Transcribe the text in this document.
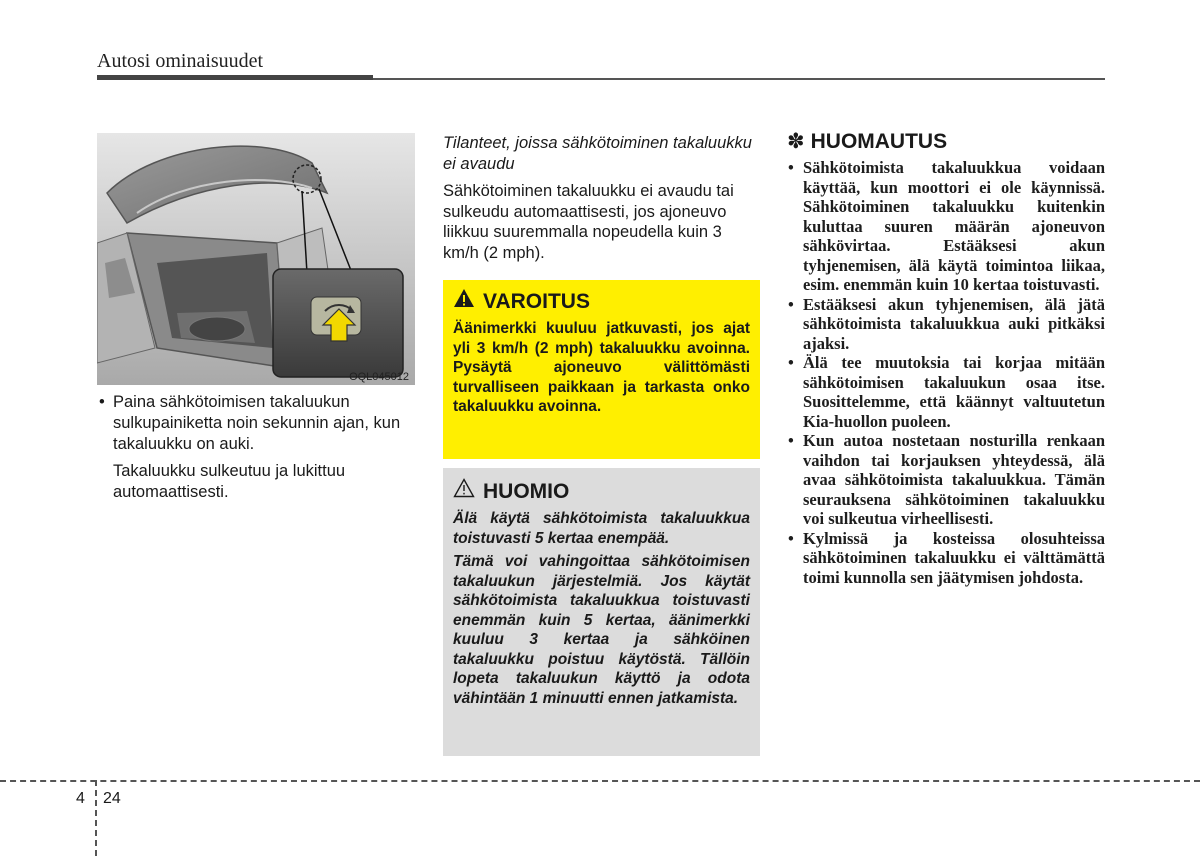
Autosi ominaisuudet
OQL045012

• Paina sähkötoimisen takaluukun sulkupainiketta noin sekunnin ajan, kun takaluukku on auki.

Takaluukku sulkeutuu ja lukittuu automaattisesti.

Tilanteet, joissa sähkötoiminen takaluukku ei avaudu

Sähkötoiminen takaluukku ei avaudu tai sulkeudu automaattisesti, jos ajoneuvo liikkuu suuremmalla nopeudella kuin 3 km/h (2 mph).

VAROITUS

Äänimerkki kuuluu jatkuvasti, jos ajat yli 3 km/h (2 mph) takaluukku avoinna. Pysäytä ajoneuvo välittömästi turvalliseen paikkaan ja tarkasta onko takaluukku avoinna.

HUOMIO

Älä käytä sähkötoimista takaluukkua toistuvasti 5 kertaa enempää.

Tämä voi vahingoittaa sähkötoimisen takaluukun järjestelmiä. Jos käytät sähkötoimista takaluukkua toistuvasti enemmän kuin 5 kertaa, äänimerkki kuuluu 3 kertaa ja sähköinen takaluukku poistuu käytöstä. Tällöin lopeta takaluukun käyttö ja odota vähintään 1 minuutti ennen jatkamista.

✽ HUOMAUTUS
• Sähkötoimista takaluukkua voidaan käyttää, kun moottori ei ole käynnissä. Sähkötoiminen takaluukku kuitenkin kuluttaa suuren määrän ajoneuvon sähkövirtaa. Estääksesi akun tyhjenemisen, älä käytä toimintoa liikaa, esim. enemmän kuin 10 kertaa toistuvasti.
• Estääksesi akun tyhjenemisen, älä jätä sähkötoimista takaluukkua auki pitkäksi ajaksi.
• Älä tee muutoksia tai korjaa mitään sähkötoimisen takaluukun osaa itse. Suosittelemme, että käännyt valtuutetun Kia-huollon puoleen.
• Kun autoa nostetaan nosturilla renkaan vaihdon tai korjauksen yhteydessä, älä avaa sähkötoimista takaluukkua. Tämän seurauksena sähkötoiminen takaluukku voi sulkeutua virheellisesti.
• Kylmissä ja kosteissa olosuhteissa sähkötoiminen takaluukku ei välttämättä toimi kunnolla sen jäätymisen johdosta.
4 24
